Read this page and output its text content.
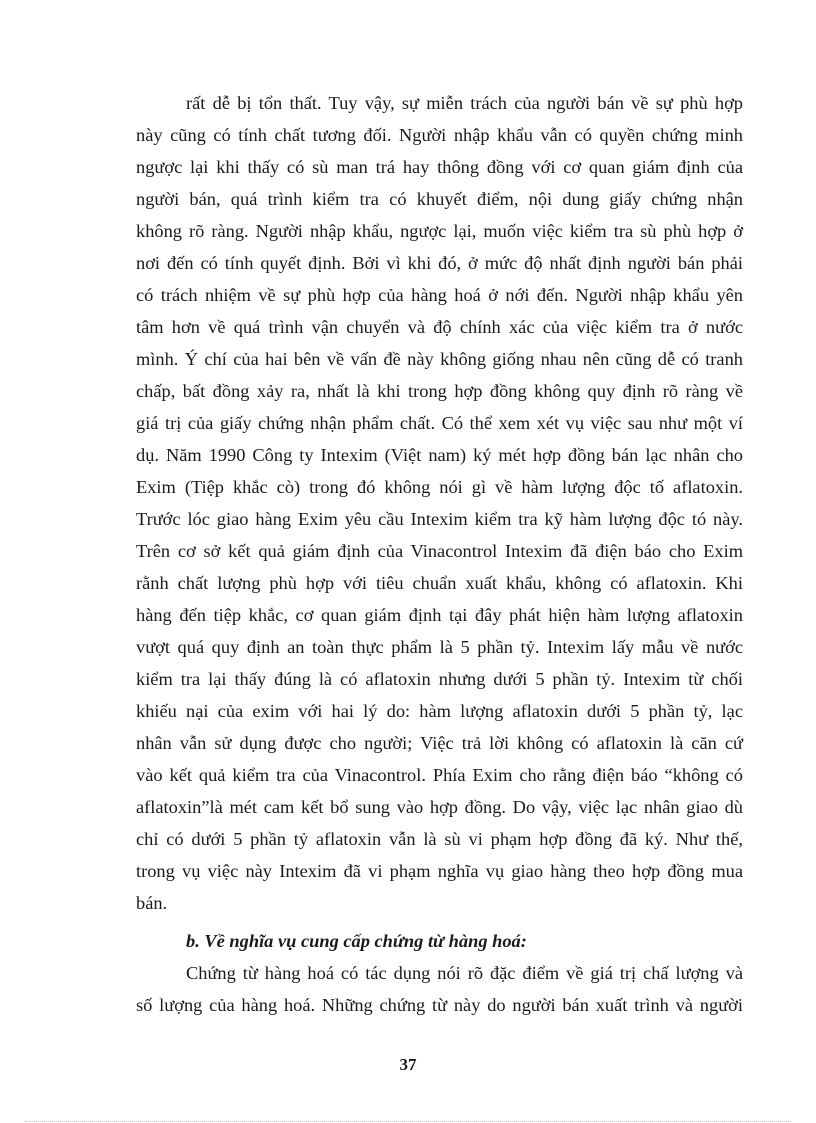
rất dễ bị tổn thất. Tuy vậy, sự miễn trách của người bán về sự phù hợp
này cũng có tính chất tương đối. Người nhập khẩu vẫn có quyền chứng minh
ngược lại khi thấy có sù man trá hay thông đồng với cơ quan giám định của
người bán, quá trình kiểm tra có khuyết điểm, nội dung giấy chứng nhận
không rõ ràng. Người nhập khẩu, ngược lại, muốn việc kiểm tra sù phù hợp ở
nơi đến có tính quyết định. Bởi vì khi đó, ở mức độ nhất định người bán phải
có trách nhiệm về sự phù hợp của hàng hoá ở nới đến. Người nhập khẩu yên
tâm hơn về quá trình vận chuyển và độ chính xác của việc kiểm tra ở nước
mình. Ý chí của hai bên về vấn đề này không giống nhau nên cũng dễ có tranh
chấp, bất đồng xảy ra, nhất là khi trong hợp đồng không quy định rõ ràng về
giá trị của giấy chứng nhận phẩm chất. Có thể xem xét vụ việc sau như một ví
dụ. Năm 1990 Công ty Intexim (Việt nam) ký mét hợp đồng bán lạc nhân cho
Exim (Tiệp khắc cò) trong đó không nói gì về hàm lượng độc tố aflatoxin.
Trước lóc giao hàng Exim yêu cầu Intexim kiểm tra kỹ hàm lượng độc tó này.
Trên cơ sở kết quả giám định của Vinacontrol Intexim đã điện báo cho Exim
rằnh chất lượng phù hợp với tiêu chuẩn xuất khẩu, không có aflatoxin. Khi
hàng đến tiệp khắc, cơ quan giám định tại đây phát hiện hàm lượng aflatoxin
vượt quá quy định an toàn thực phẩm là 5 phần tỷ. Intexim lấy mẫu về nước
kiểm tra lại thấy đúng là có aflatoxin nhưng dưới 5 phần tỷ. Intexim từ chối
khiếu nại của exim với hai lý do: hàm lượng aflatoxin dưới 5 phần tỷ, lạc
nhân vẫn sử dụng được cho người; Việc trả lời không có aflatoxin là căn cứ
vào kết quả kiểm tra của Vinacontrol. Phía Exim cho rằng điện báo “không có
aflatoxin”là mét cam kết bổ sung vào hợp đồng. Do vậy, việc lạc nhân giao dù
chỉ có dưới 5 phần tỷ aflatoxin vẫn là sù vi phạm hợp đồng đã ký. Như thế,
trong vụ việc này Intexim đã vi phạm nghĩa vụ giao hàng theo hợp đồng mua
bán.
b. Về nghĩa vụ cung cấp chứng từ hàng hoá:
Chứng từ hàng hoá có tác dụng nói rõ đặc điểm về giá trị chấ lượng và
số lượng của hàng hoá. Những chứng từ này do người bán xuất trình và người
37
